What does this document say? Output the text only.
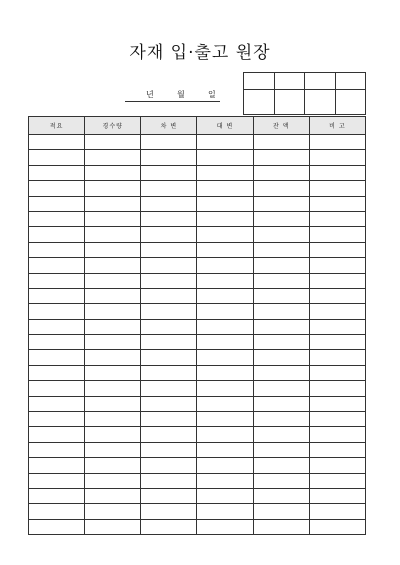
자재 입·출고 원장
년	월	일

적요	경수량	차 변	대 변	잔 액	비 고
